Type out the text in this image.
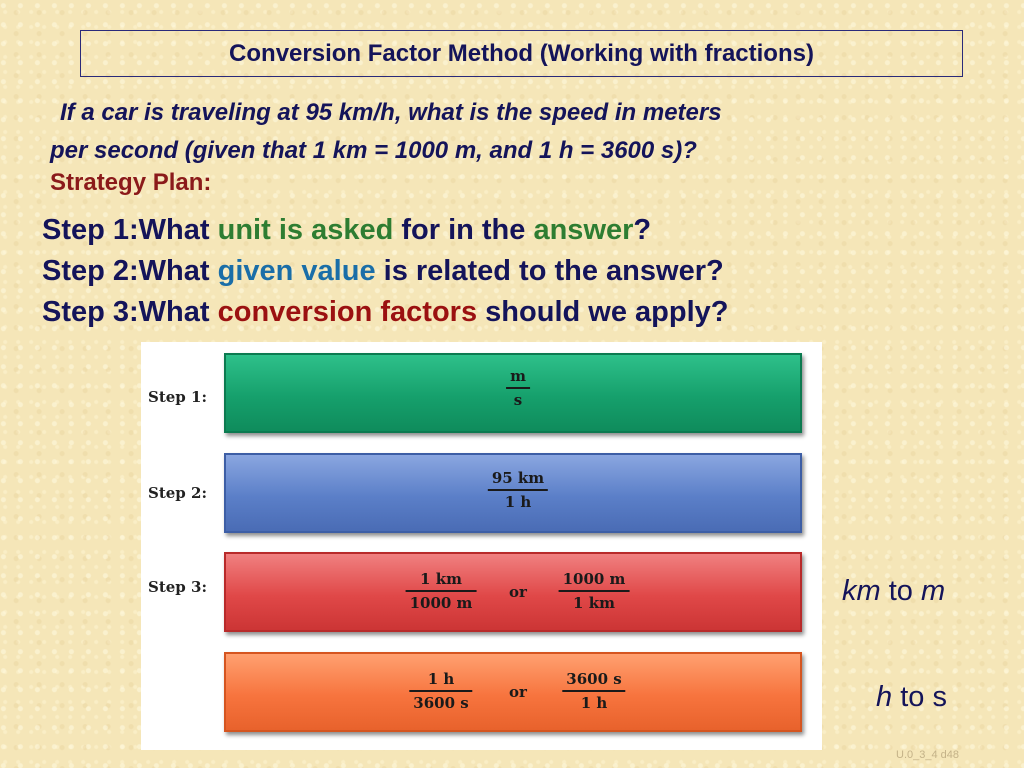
Conversion Factor Method (Working with fractions)
If a car is traveling at 95 km/h, what is the speed in meters
per second (given that 1 km = 1000 m, and 1 h = 3600 s)?
Strategy Plan:
Step 1:What unit is asked for in the answer?
Step 2:What given value is related to the answer?
Step 3:What conversion factors should we apply?
Step 1:
Step 2:
Step 3:
m
s
95 km
1 h
1 km
1000 m
or
1000 m
1 km
1 h
3600 s
or
3600 s
1 h
km to m
h to s
U.0_3_4 d48
